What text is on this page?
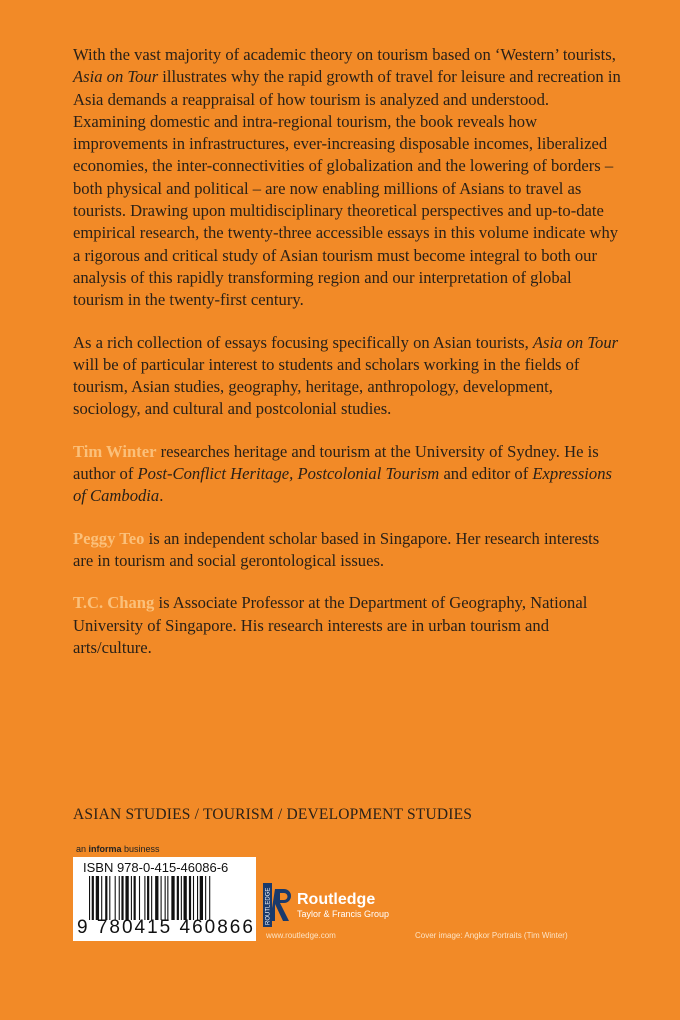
With the vast majority of academic theory on tourism based on ‘Western’ tourists, Asia on Tour illustrates why the rapid growth of travel for leisure and recreation in Asia demands a reappraisal of how tourism is analyzed and understood. Examining domestic and intra-regional tourism, the book reveals how improvements in infrastructures, ever-increasing disposable incomes, liberalized economies, the inter-connectivities of globalization and the lowering of borders – both physical and political – are now enabling millions of Asians to travel as tourists. Drawing upon multidisciplinary theoretical perspectives and up-to-date empirical research, the twenty-three accessible essays in this volume indicate why a rigorous and critical study of Asian tourism must become integral to both our analysis of this rapidly transforming region and our interpretation of global tourism in the twenty-first century.

As a rich collection of essays focusing specifically on Asian tourists, Asia on Tour will be of particular interest to students and scholars working in the fields of tourism, Asian studies, geography, heritage, anthropology, development, sociology, and cultural and postcolonial studies.

Tim Winter researches heritage and tourism at the University of Sydney. He is author of Post-Conflict Heritage, Postcolonial Tourism and editor of Expressions of Cambodia.

Peggy Teo is an independent scholar based in Singapore. Her research interests are in tourism and social gerontological issues.

T.C. Chang is Associate Professor at the Department of Geography, National University of Singapore. His research interests are in urban tourism and arts/culture.

ASIAN STUDIES / TOURISM / DEVELOPMENT STUDIES
an informa business
ISBN 978-0-415-46086-6
9 780415 460866
ROUTLEDGE Routledge
Taylor & Francis Group
www.routledge.com	Cover image: Angkor Portraits (Tim Winter)
